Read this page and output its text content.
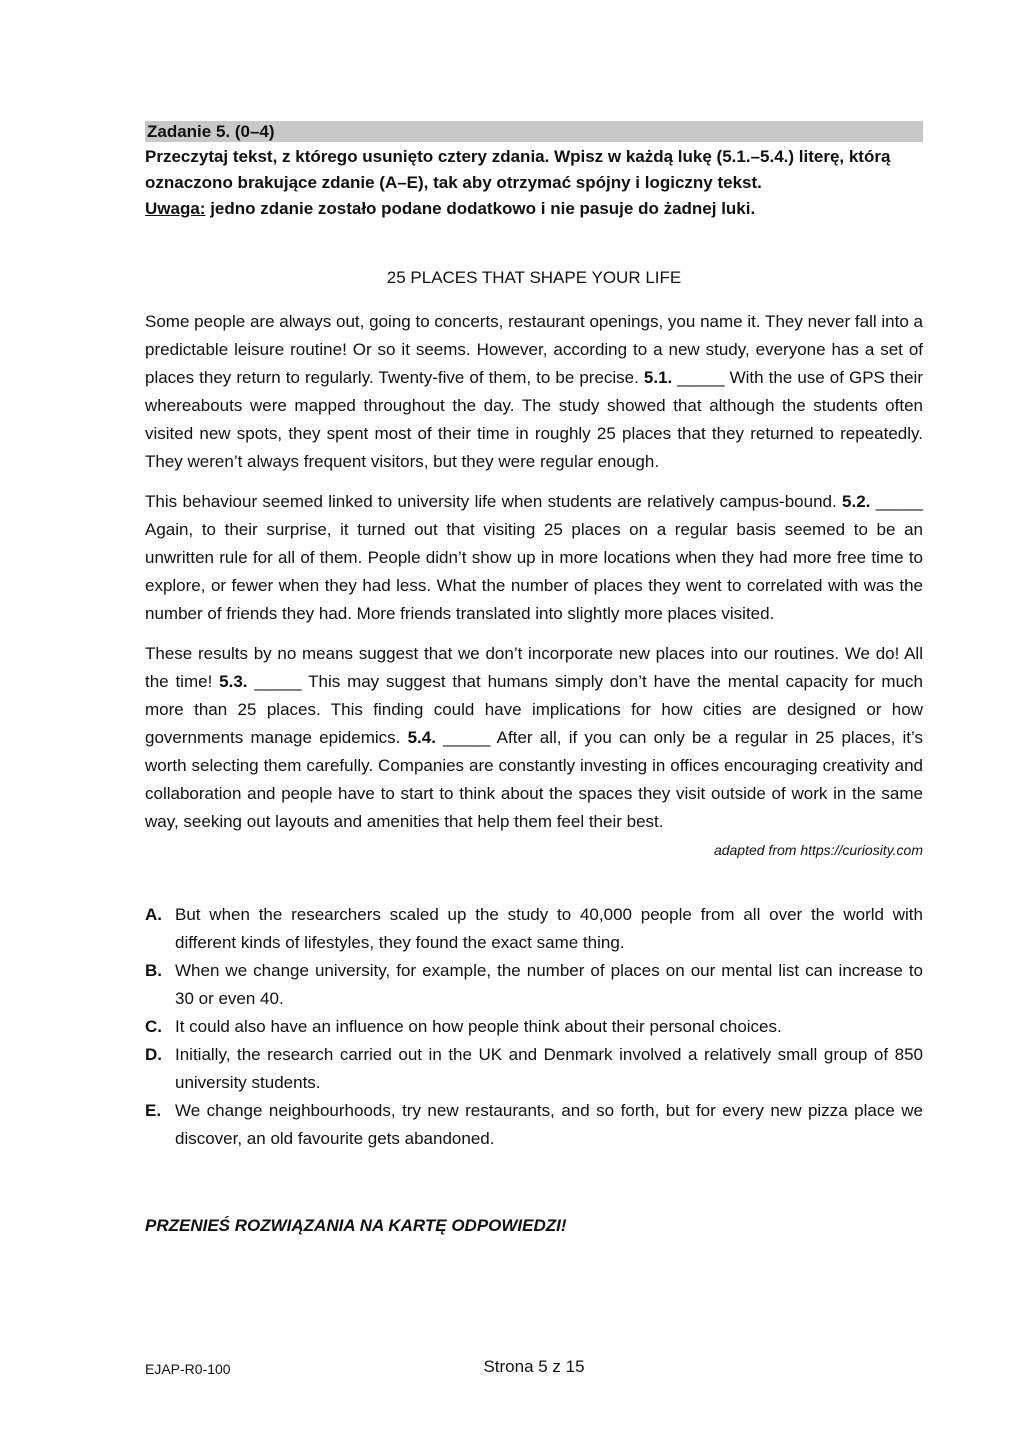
Zadanie 5. (0–4)
Przeczytaj tekst, z którego usunięto cztery zdania. Wpisz w każdą lukę (5.1.–5.4.) literę, którą oznaczono brakujące zdanie (A–E), tak aby otrzymać spójny i logiczny tekst.
Uwaga: jedno zdanie zostało podane dodatkowo i nie pasuje do żadnej luki.
25 PLACES THAT SHAPE YOUR LIFE
Some people are always out, going to concerts, restaurant openings, you name it. They never fall into a predictable leisure routine! Or so it seems. However, according to a new study, everyone has a set of places they return to regularly. Twenty-five of them, to be precise. 5.1. _____ With the use of GPS their whereabouts were mapped throughout the day. The study showed that although the students often visited new spots, they spent most of their time in roughly 25 places that they returned to repeatedly. They weren’t always frequent visitors, but they were regular enough.
This behaviour seemed linked to university life when students are relatively campus-bound. 5.2. _____ Again, to their surprise, it turned out that visiting 25 places on a regular basis seemed to be an unwritten rule for all of them. People didn’t show up in more locations when they had more free time to explore, or fewer when they had less. What the number of places they went to correlated with was the number of friends they had. More friends translated into slightly more places visited.
These results by no means suggest that we don’t incorporate new places into our routines. We do! All the time! 5.3. _____ This may suggest that humans simply don’t have the mental capacity for much more than 25 places. This finding could have implications for how cities are designed or how governments manage epidemics. 5.4. _____ After all, if you can only be a regular in 25 places, it’s worth selecting them carefully. Companies are constantly investing in offices encouraging creativity and collaboration and people have to start to think about the spaces they visit outside of work in the same way, seeking out layouts and amenities that help them feel their best.
adapted from https://curiosity.com
A. But when the researchers scaled up the study to 40,000 people from all over the world with different kinds of lifestyles, they found the exact same thing.
B. When we change university, for example, the number of places on our mental list can increase to 30 or even 40.
C. It could also have an influence on how people think about their personal choices.
D. Initially, the research carried out in the UK and Denmark involved a relatively small group of 850 university students.
E. We change neighbourhoods, try new restaurants, and so forth, but for every new pizza place we discover, an old favourite gets abandoned.
PRZENIEŚ ROZWIĄZANIA NA KARTĘ ODPOWIEDZI!
EJAP-R0-100	Strona 5 z 15
